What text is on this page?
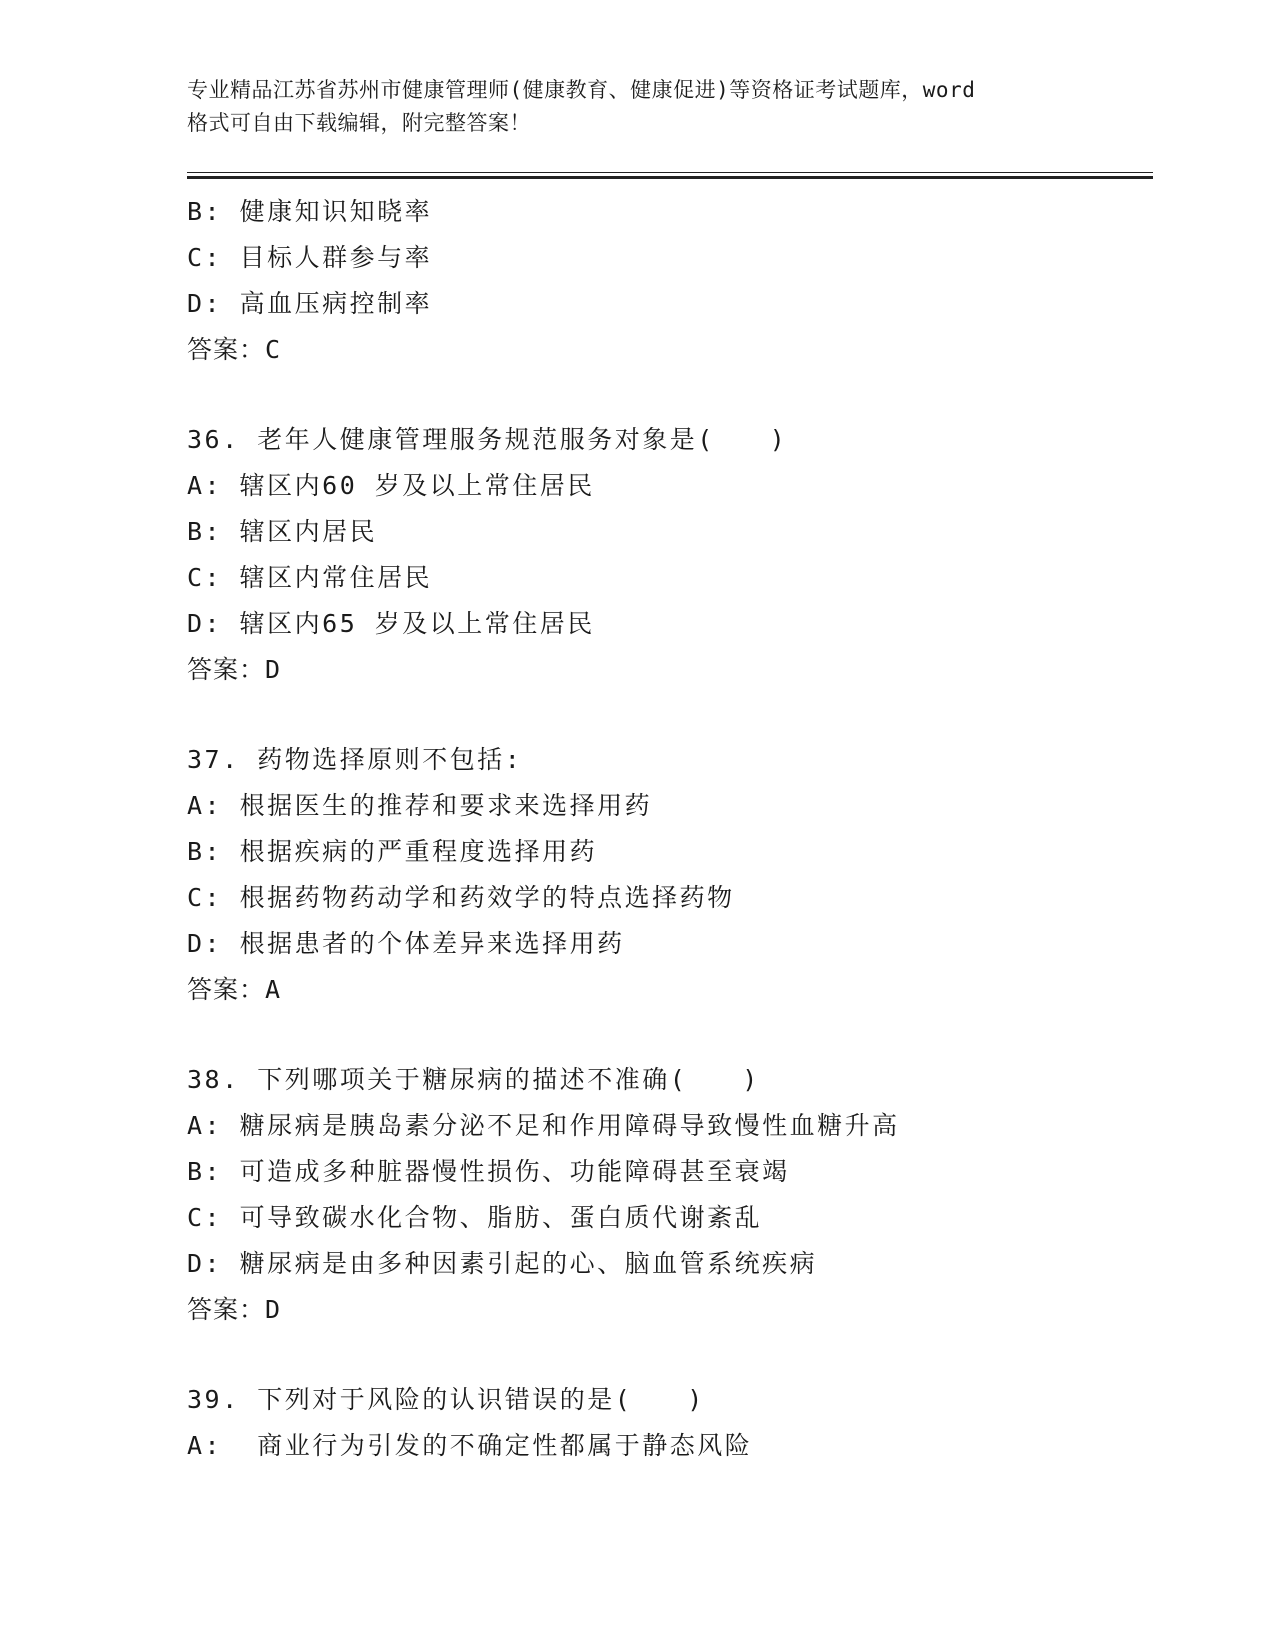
专业精品江苏省苏州市健康管理师(健康教育、健康促进)等资格证考试题库，word
格式可自由下载编辑，附完整答案！
B: 健康知识知晓率
C: 目标人群参与率
D: 高血压病控制率
答案：C
36. 老年人健康管理服务规范服务对象是(　　)
A: 辖区内60 岁及以上常住居民
B: 辖区内居民
C: 辖区内常住居民
D: 辖区内65 岁及以上常住居民
答案：D
37. 药物选择原则不包括:
A: 根据医生的推荐和要求来选择用药
B: 根据疾病的严重程度选择用药
C: 根据药物药动学和药效学的特点选择药物
D: 根据患者的个体差异来选择用药
答案：A
38. 下列哪项关于糖尿病的描述不准确(　　)
A: 糖尿病是胰岛素分泌不足和作用障碍导致慢性血糖升高
B: 可造成多种脏器慢性损伤、功能障碍甚至衰竭
C: 可导致碳水化合物、脂肪、蛋白质代谢紊乱
D: 糖尿病是由多种因素引起的心、脑血管系统疾病
答案：D
39. 下列对于风险的认识错误的是(　　)
A:  商业行为引发的不确定性都属于静态风险
